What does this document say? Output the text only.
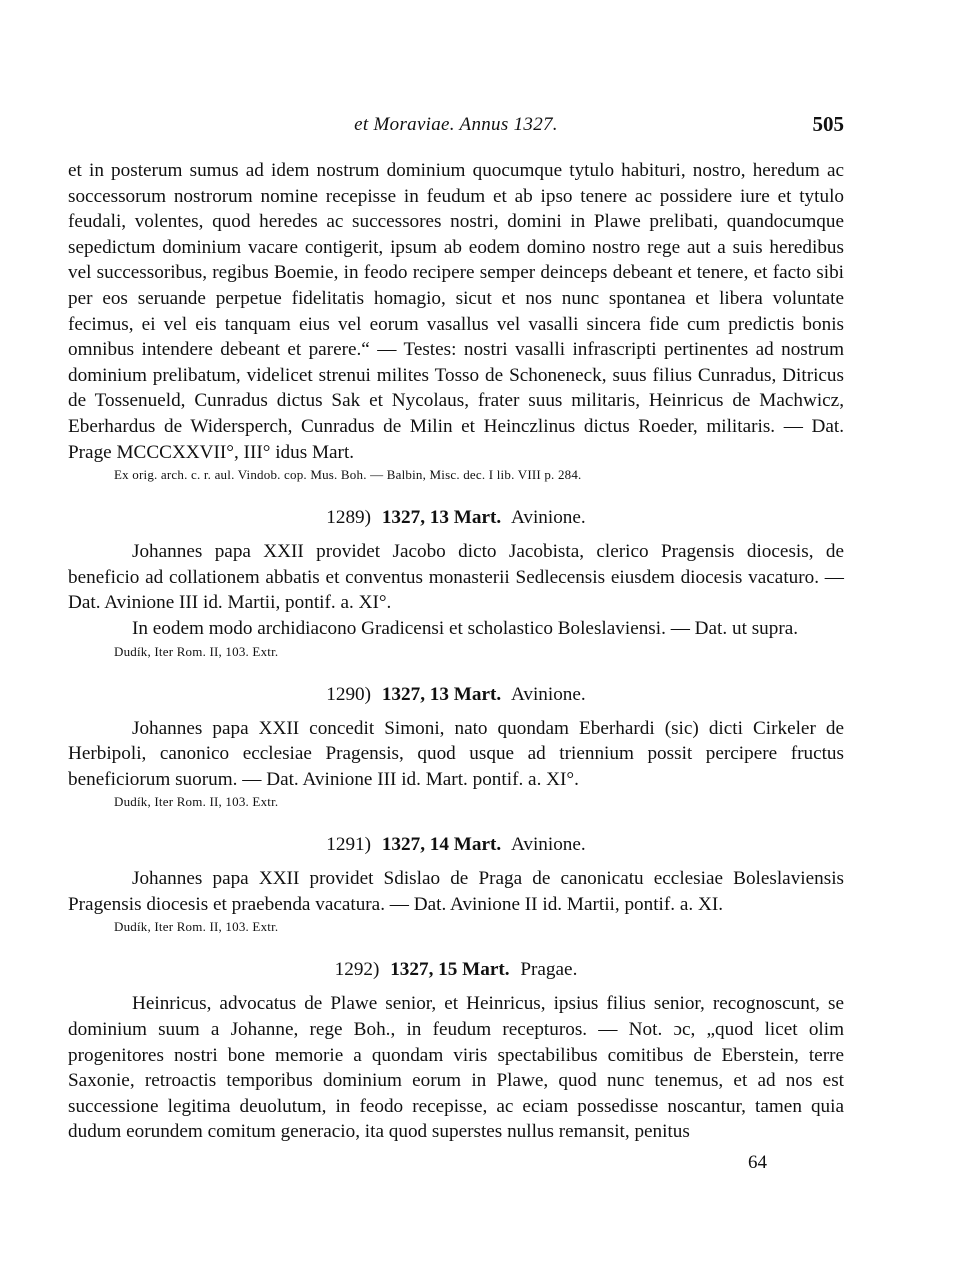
et Moraviae. Annus 1327.	505

et in posterum sumus ad idem nostrum dominium quocumque tytulo habituri, nostro, heredum ac soccessorum nostrorum nomine recepisse in feudum et ab ipso tenere ac possidere iure et tytulo feudali, volentes, quod heredes ac successores nostri, domini in Plawe prelibati, quandocumque sepedictum dominium vacare contigerit, ipsum ab eodem domino nostro rege aut a suis heredibus vel successoribus, regibus Boemie, in feodo recipere semper deinceps debeant et tenere, et facto sibi per eos seruande perpetue fidelitatis homagio, sicut et nos nunc spontanea et libera voluntate fecimus, ei vel eis tanquam eius vel eorum vasallus vel vasalli sincera fide cum predictis bonis omnibus intendere debeant et parere.“ — Testes: nostri vasalli infrascripti pertinentes ad nostrum dominium prelibatum, videlicet strenui milites Tosso de Schoneneck, suus filius Cunradus, Ditricus de Tossenueld, Cunradus dictus Sak et Nycolaus, frater suus militaris, Heinricus de Machwicz, Eberhardus de Widersperch, Cunradus de Milin et Heinczlinus dictus Roeder, militaris. — Dat. Prage MCCCXXVII°, III° idus Mart.

Ex orig. arch. c. r. aul. Vindob. cop. Mus. Boh. — Balbin, Misc. dec. I lib. VIII p. 284.
1289) 1327, 13 Mart. Avinione.

Johannes papa XXII providet Jacobo dicto Jacobista, clerico Pragensis diocesis, de beneficio ad collationem abbatis et conventus monasterii Sedlecensis eiusdem diocesis vacaturo. — Dat. Avinione III id. Martii, pontif. a. XI°.

In eodem modo archidiacono Gradicensi et scholastico Boleslaviensi. — Dat. ut supra.

Dudík, Iter Rom. II, 103. Extr.
1290) 1327, 13 Mart. Avinione.

Johannes papa XXII concedit Simoni, nato quondam Eberhardi (sic) dicti Cirkeler de Herbipoli, canonico ecclesiae Pragensis, quod usque ad triennium possit percipere fructus beneficiorum suorum. — Dat. Avinione III id. Mart. pontif. a. XI°.

Dudík, Iter Rom. II, 103. Extr.
1291) 1327, 14 Mart. Avinione.

Johannes papa XXII providet Sdislao de Praga de canonicatu ecclesiae Boleslaviensis Pragensis diocesis et praebenda vacatura. — Dat. Avinione II id. Martii, pontif. a. XI.

Dudík, Iter Rom. II, 103. Extr.
1292) 1327, 15 Mart. Pragae.

Heinricus, advocatus de Plawe senior, et Heinricus, ipsius filius senior, recognoscunt, se dominium suum a Johanne, rege Boh., in feudum recepturos. — Not. ɔc, „quod licet olim progenitores nostri bone memorie a quondam viris spectabilibus comitibus de Eberstein, terre Saxonie, retroactis temporibus dominium eorum in Plawe, quod nunc tenemus, et ad nos est successione legitima deuolutum, in feodo recepisse, ac eciam possedisse noscantur, tamen quia dudum eorundem comitum generacio, ita quod superstes nullus remansit, penitus

64
